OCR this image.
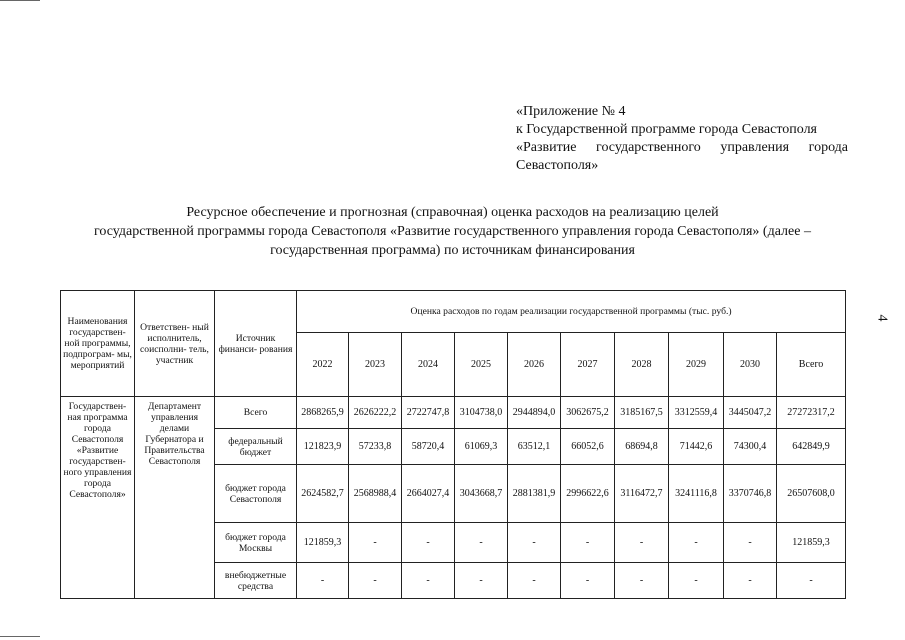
«Приложение № 4
к Государственной программе города Севастополя
«Развитие государственного управления города
Севастополя»
4
Ресурсное обеспечение и прогнозная (справочная) оценка расходов на реализацию целей
государственной программы города Севастополя «Развитие государственного управления города Севастополя» (далее –
государственная программа) по источникам финансирования
Наименования государствен- ной программы, подпрограм- мы, мероприятий	Ответствен- ный исполнитель, соисполни- тель, участник	Источник финанси- рования	Оценка расходов по годам реализации государственной программы (тыс. руб.)									
			2022	2023	2024	2025	2026	2027	2028	2029	2030	Всего
Государствен- ная программа города Севастополя «Развитие государствен- ного управления города Севастополя»	Департамент управления делами Губернатора и Правительства Севастополя	Всего	2868265,9	2626222,2	2722747,8	3104738,0	2944894,0	3062675,2	3185167,5	3312559,4	3445047,2	27272317,2
		федеральный бюджет	121823,9	57233,8	58720,4	61069,3	63512,1	66052,6	68694,8	71442,6	74300,4	642849,9
		бюджет города Севастополя	2624582,7	2568988,4	2664027,4	3043668,7	2881381,9	2996622,6	3116472,7	3241116,8	3370746,8	26507608,0
		бюджет города Москвы	121859,3	-	-	-	-	-	-	-	-	121859,3
		внебюджетные средства	-	-	-	-	-	-	-	-	-	-
